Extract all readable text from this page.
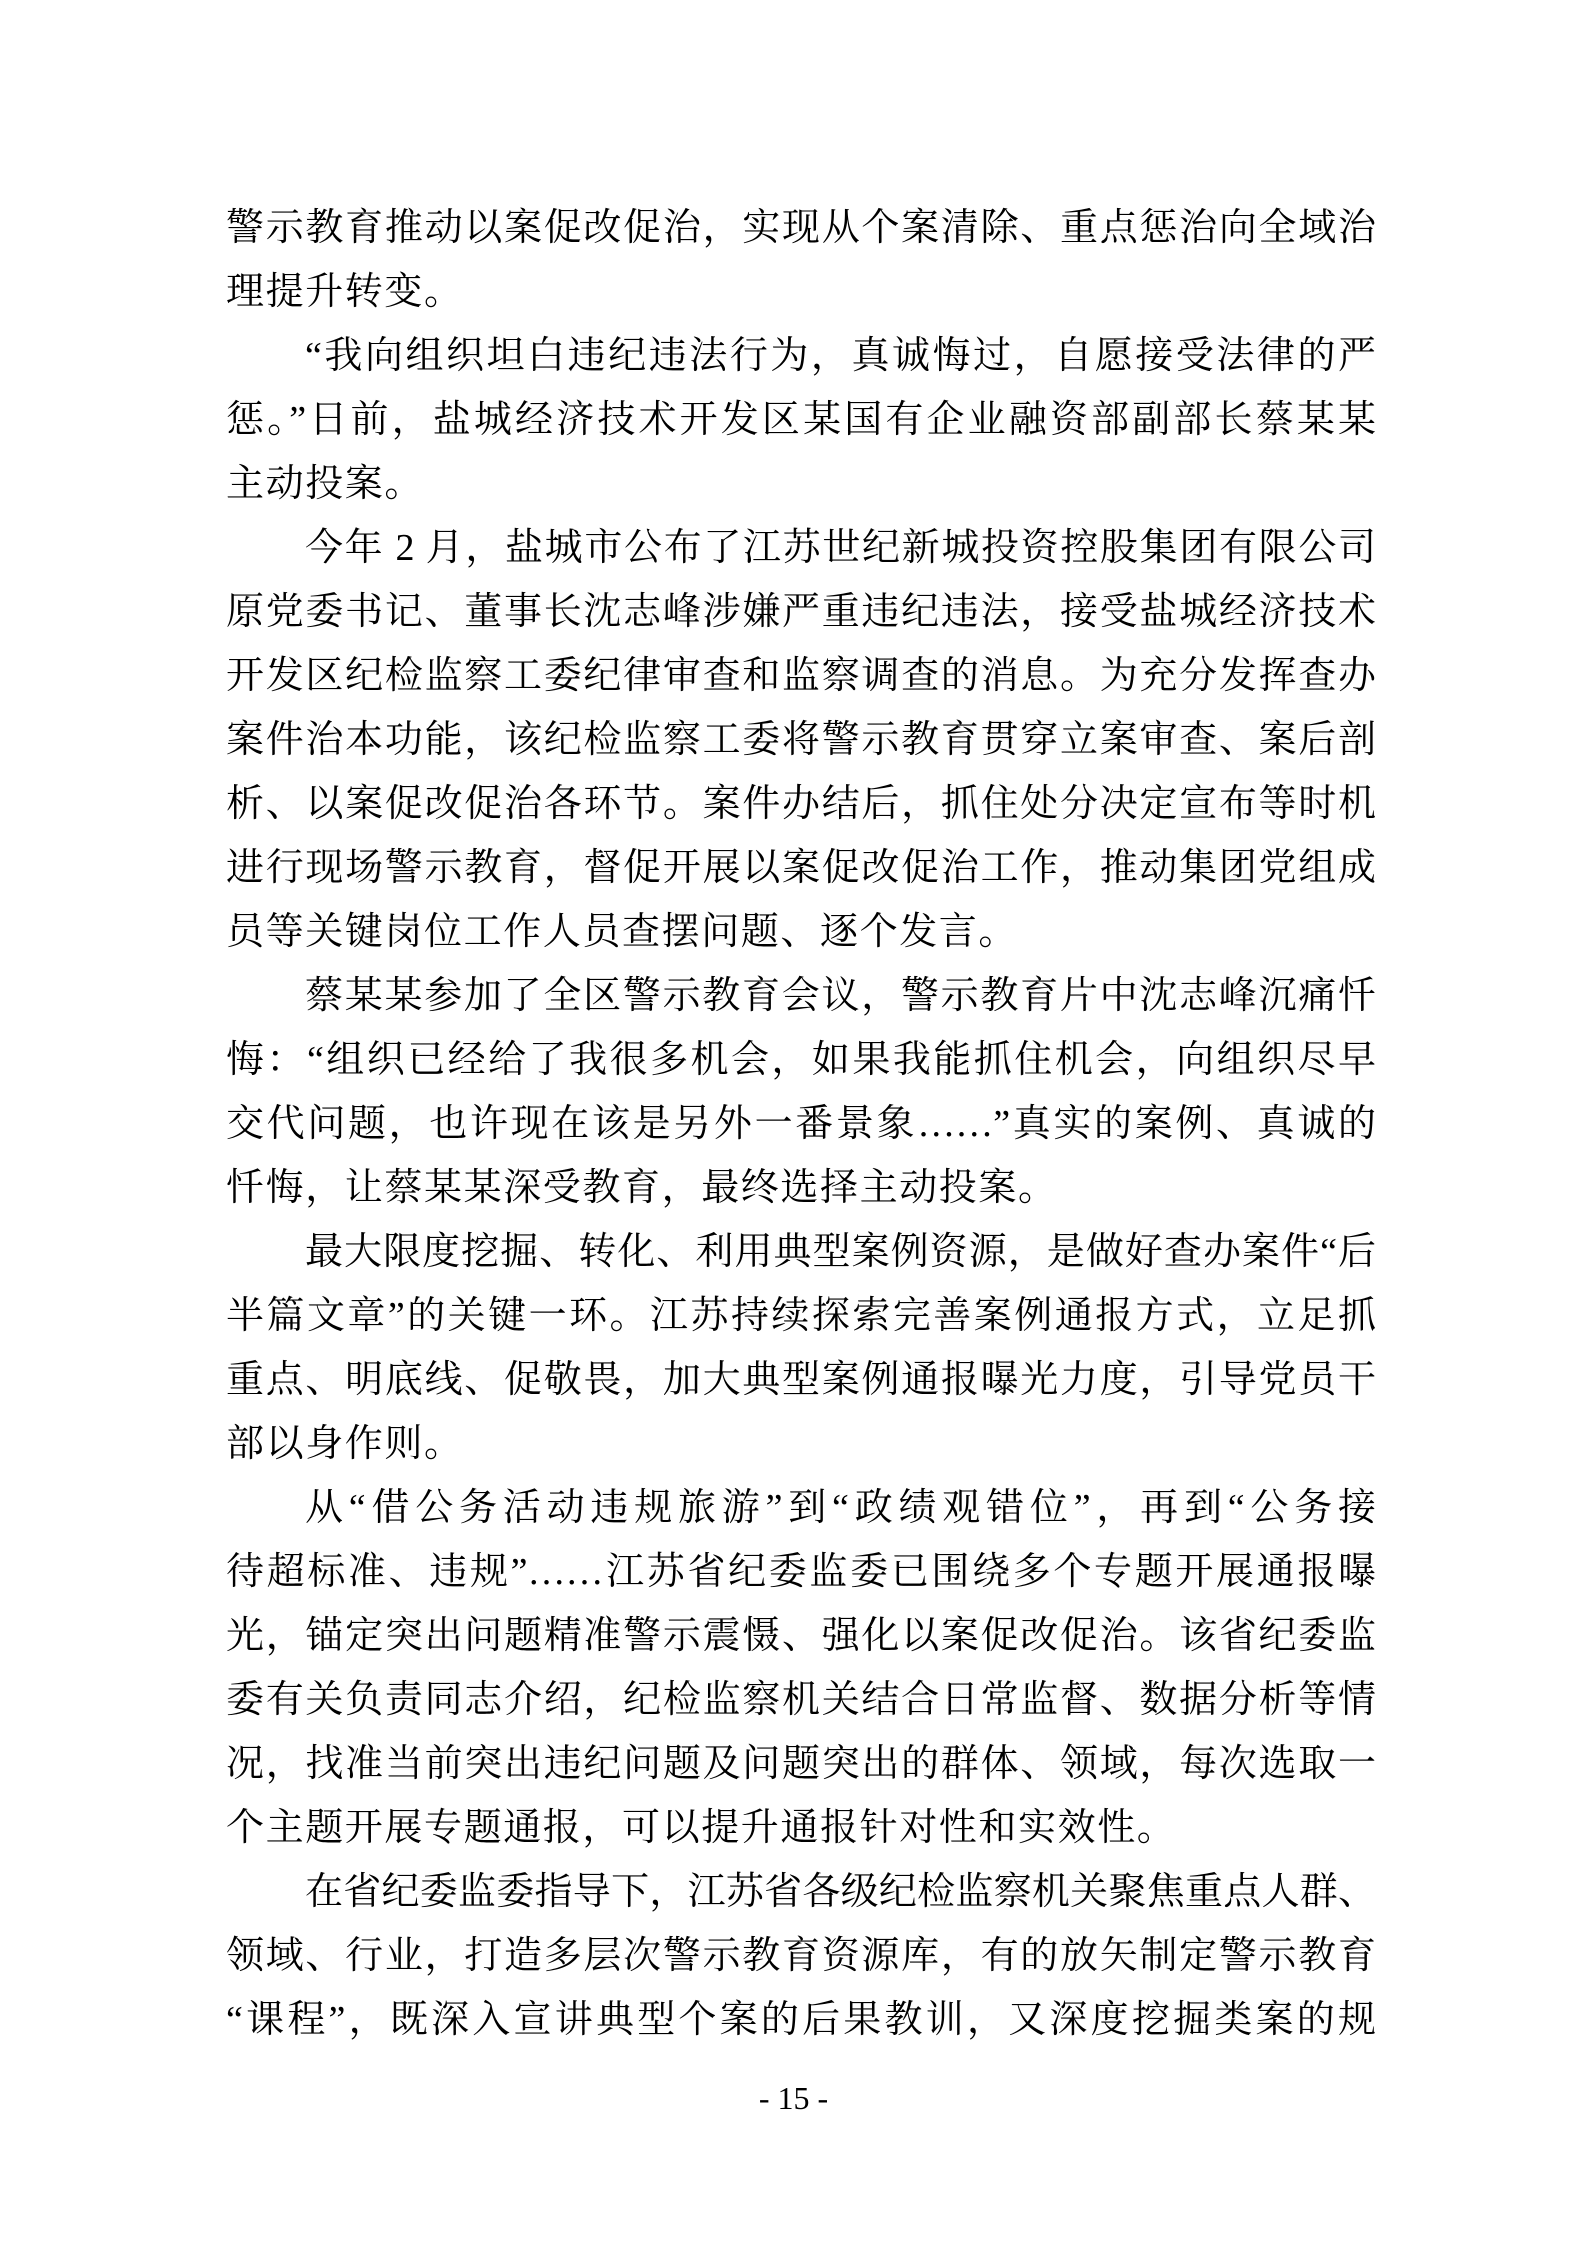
警示教育推动以案促改促治，实现从个案清除、重点惩治向全域治
理提升转变。
“我向组织坦白违纪违法行为，真诚悔过，自愿接受法律的严
惩。”日前，盐城经济技术开发区某国有企业融资部副部长蔡某某
主动投案。
今年 2 月，盐城市公布了江苏世纪新城投资控股集团有限公司
原党委书记、董事长沈志峰涉嫌严重违纪违法，接受盐城经济技术
开发区纪检监察工委纪律审查和监察调查的消息。为充分发挥查办
案件治本功能，该纪检监察工委将警示教育贯穿立案审查、案后剖
析、以案促改促治各环节。案件办结后，抓住处分决定宣布等时机
进行现场警示教育，督促开展以案促改促治工作，推动集团党组成
员等关键岗位工作人员查摆问题、逐个发言。
蔡某某参加了全区警示教育会议，警示教育片中沈志峰沉痛忏
悔：“组织已经给了我很多机会，如果我能抓住机会，向组织尽早
交代问题，也许现在该是另外一番景象……”真实的案例、真诚的
忏悔，让蔡某某深受教育，最终选择主动投案。
最大限度挖掘、转化、利用典型案例资源，是做好查办案件“后
半篇文章”的关键一环。江苏持续探索完善案例通报方式，立足抓
重点、明底线、促敬畏，加大典型案例通报曝光力度，引导党员干
部以身作则。
从“借公务活动违规旅游”到“政绩观错位”，再到“公务接
待超标准、违规”……江苏省纪委监委已围绕多个专题开展通报曝
光，锚定突出问题精准警示震慑、强化以案促改促治。该省纪委监
委有关负责同志介绍，纪检监察机关结合日常监督、数据分析等情
况，找准当前突出违纪问题及问题突出的群体、领域，每次选取一
个主题开展专题通报，可以提升通报针对性和实效性。
在省纪委监委指导下，江苏省各级纪检监察机关聚焦重点人群、
领域、行业，打造多层次警示教育资源库，有的放矢制定警示教育
“课程”，既深入宣讲典型个案的后果教训，又深度挖掘类案的规
- 15 -
